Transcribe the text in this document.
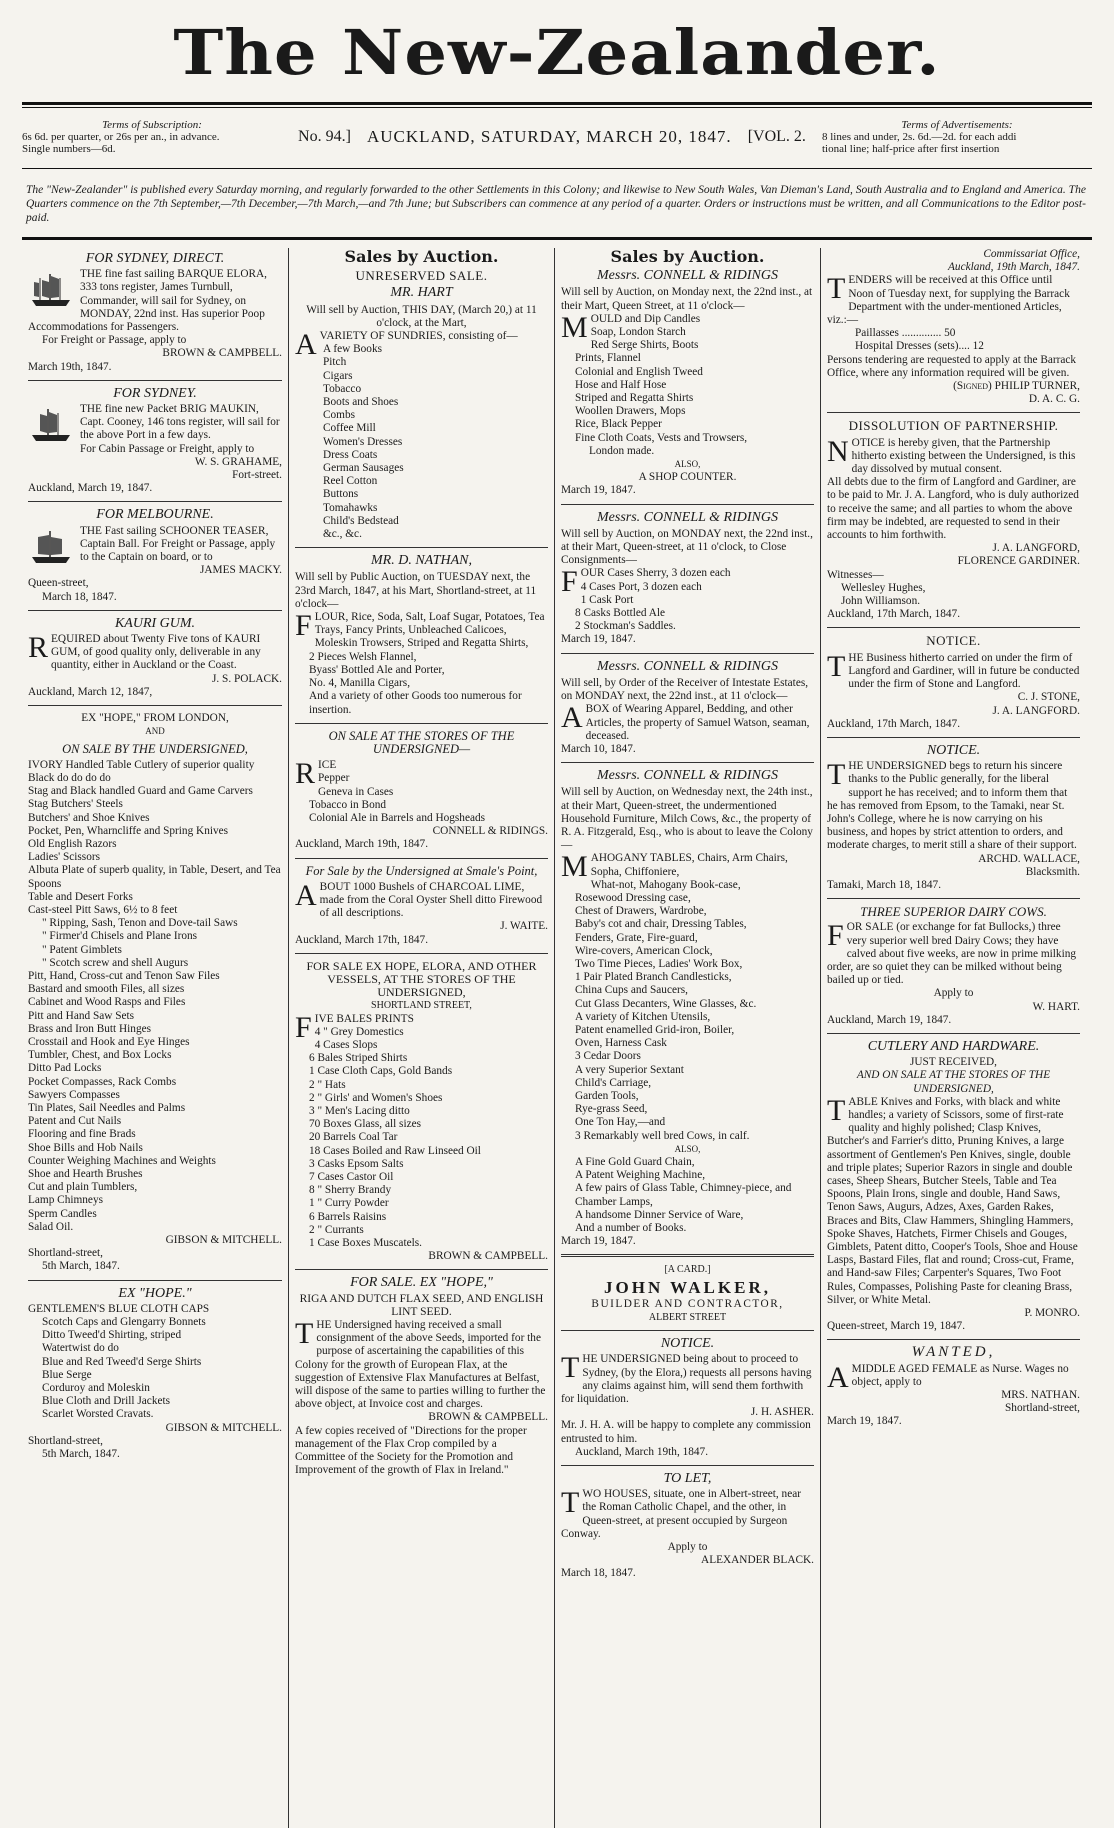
The New-Zealander.
Terms of Subscription:
6s 6d. per quarter, or 26s per an., in advance.
Single numbers—6d.
No. 94.] AUCKLAND, SATURDAY, MARCH 20, 1847. [VOL. 2.
Terms of Advertisements:
8 lines and under, 2s. 6d.—2d. for each addi
tional line; half-price after first insertion
The "New-Zealander" is published every Saturday morning, and regularly forwarded to the other Settlements in this Colony; and likewise to New South Wales, Van Dieman's Land, South Australia and to England and America. The Quarters commence on the 7th September,—7th December,—7th March,—and 7th June; but Subscribers can commence at any period of a quarter. Orders or instructions must be written, and all Communications to the Editor post-paid.
FOR SYDNEY, DIRECT.

THE fine fast sailing BARQUE ELORA, 333 tons register, James Turnbull, Commander, will sail for Sydney, on MONDAY, 22nd inst. Has superior Poop Accommodations for Passengers.

For Freight or Passage, apply to

BROWN & CAMPBELL.

March 19th, 1847.

FOR SYDNEY.

THE fine new Packet BRIG MAUKIN, Capt. Cooney, 146 tons register, will sail for the above Port in a few days.

For Cabin Passage or Freight, apply to

W. S. GRAHAME,

Fort-street.

Auckland, March 19, 1847.

FOR MELBOURNE.

THE Fast sailing SCHOONER TEASER, Captain Ball. For Freight or Passage, apply to the Captain on board, or to

JAMES MACKY.

Queen-street,

March 18, 1847.

KAURI GUM.

REQUIRED about Twenty Five tons of KAURI GUM, of good quality only, deliverable in any quantity, either in Auckland or the Coast.

J. S. POLACK.

Auckland, March 12, 1847,

EX "HOPE," FROM LONDON,
AND
ON SALE BY THE UNDERSIGNED,

IVORY Handled Table Cutlery of superior quality

Black do do do do

Stag and Black handled Guard and Game Carvers

Stag Butchers' Steels

Butchers' and Shoe Knives

Pocket, Pen, Wharncliffe and Spring Knives

Old English Razors

Ladies' Scissors

Albuta Plate of superb quality, in Table, Desert, and Tea Spoons

Table and Desert Forks

Cast-steel Pitt Saws, 6½ to 8 feet

" Ripping, Sash, Tenon and Dove-tail Saws

" Firmer'd Chisels and Plane Irons

" Patent Gimblets

" Scotch screw and shell Augurs

Pitt, Hand, Cross-cut and Tenon Saw Files

Bastard and smooth Files, all sizes

Cabinet and Wood Rasps and Files

Pitt and Hand Saw Sets

Brass and Iron Butt Hinges

Crosstail and Hook and Eye Hinges

Tumbler, Chest, and Box Locks

Ditto Pad Locks

Pocket Compasses, Rack Combs

Sawyers Compasses

Tin Plates, Sail Needles and Palms

Patent and Cut Nails

Flooring and fine Brads

Shoe Bills and Hob Nails

Counter Weighing Machines and Weights

Shoe and Hearth Brushes

Cut and plain Tumblers,

Lamp Chimneys

Sperm Candles

Salad Oil.

GIBSON & MITCHELL.

Shortland-street,

5th March, 1847.

EX "HOPE."

GENTLEMEN'S BLUE CLOTH CAPS

Scotch Caps and Glengarry Bonnets

Ditto Tweed'd Shirting, striped

Watertwist do do

Blue and Red Tweed'd Serge Shirts

Blue Serge

Corduroy and Moleskin

Blue Cloth and Drill Jackets

Scarlet Worsted Cravats.

GIBSON & MITCHELL.

Shortland-street,

5th March, 1847.

Sales by Auction.
UNRESERVED SALE.
MR. HART

Will sell by Auction, THIS DAY, (March 20,) at 11 o'clock, at the Mart,

AVARIETY OF SUNDRIES, consisting of—

A few Books

Pitch

Cigars

Tobacco

Boots and Shoes

Combs

Coffee Mill

Women's Dresses

Dress Coats

German Sausages

Reel Cotton

Buttons

Tomahawks

Child's Bedstead

&c., &c.

MR. D. NATHAN,

Will sell by Public Auction, on TUESDAY next, the 23rd March, 1847, at his Mart, Shortland-street, at 11 o'clock—

FLOUR, Rice, Soda, Salt, Loaf Sugar, Potatoes, Tea Trays, Fancy Prints, Unbleached Calicoes, Moleskin Trowsers, Striped and Regatta Shirts,

2 Pieces Welsh Flannel,

Byass' Bottled Ale and Porter,

No. 4, Manilla Cigars,

And a variety of other Goods too numerous for insertion.

ON SALE AT THE STORES OF THE UNDERSIGNED—

RICE

Pepper

Geneva in Cases

Tobacco in Bond

Colonial Ale in Barrels and Hogsheads

CONNELL & RIDINGS.

Auckland, March 19th, 1847.

For Sale by the Undersigned at Smale's Point,

ABOUT 1000 Bushels of CHARCOAL LIME, made from the Coral Oyster Shell ditto Firewood of all descriptions.

J. WAITE.

Auckland, March 17th, 1847.

FOR SALE EX HOPE, ELORA, AND OTHER VESSELS, AT THE STORES OF THE UNDERSIGNED,
SHORTLAND STREET,

FIVE BALES PRINTS

4 " Grey Domestics

4 Cases Slops

6 Bales Striped Shirts

1 Case Cloth Caps, Gold Bands

2 " Hats

2 " Girls' and Women's Shoes

3 " Men's Lacing ditto

70 Boxes Glass, all sizes

20 Barrels Coal Tar

18 Cases Boiled and Raw Linseed Oil

3 Casks Epsom Salts

7 Cases Castor Oil

8 " Sherry Brandy

1 " Curry Powder

6 Barrels Raisins

2 " Currants

1 Case Boxes Muscatels.

BROWN & CAMPBELL.

FOR SALE. EX "HOPE,"
RIGA AND DUTCH FLAX SEED, AND ENGLISH LINT SEED.

THE Undersigned having received a small consignment of the above Seeds, imported for the purpose of ascertaining the capabilities of this Colony for the growth of European Flax, at the suggestion of Extensive Flax Manufactures at Belfast, will dispose of the same to parties willing to further the above object, at Invoice cost and charges.

BROWN & CAMPBELL.

A few copies received of "Directions for the proper management of the Flax Crop compiled by a Committee of the Society for the Promotion and Improvement of the growth of Flax in Ireland."

Sales by Auction.
Messrs. CONNELL & RIDINGS

Will sell by Auction, on Monday next, the 22nd inst., at their Mart, Queen Street, at 11 o'clock—

MOULD and Dip Candles

Soap, London Starch

Red Serge Shirts, Boots

Prints, Flannel

Colonial and English Tweed

Hose and Half Hose

Striped and Regatta Shirts

Woollen Drawers, Mops

Rice, Black Pepper

Fine Cloth Coats, Vests and Trowsers,

London made.

ALSO,

A SHOP COUNTER.

March 19, 1847.

Messrs. CONNELL & RIDINGS

Will sell by Auction, on MONDAY next, the 22nd inst., at their Mart, Queen-street, at 11 o'clock, to Close Consignments—

FOUR Cases Sherry, 3 dozen each

4 Cases Port, 3 dozen each

1 Cask Port

8 Casks Bottled Ale

2 Stockman's Saddles.

March 19, 1847.

Messrs. CONNELL & RIDINGS

Will sell, by Order of the Receiver of Intestate Estates, on MONDAY next, the 22nd inst., at 11 o'clock—

ABOX of Wearing Apparel, Bedding, and other Articles, the property of Samuel Watson, seaman, deceased.

March 10, 1847.

Messrs. CONNELL & RIDINGS

Will sell by Auction, on Wednesday next, the 24th inst., at their Mart, Queen-street, the undermentioned Household Furniture, Milch Cows, &c., the property of R. A. Fitzgerald, Esq., who is about to leave the Colony—

MAHOGANY TABLES, Chairs, Arm Chairs, Sopha, Chiffoniere,

What-not, Mahogany Book-case,

Rosewood Dressing case,

Chest of Drawers, Wardrobe,

Baby's cot and chair, Dressing Tables,

Fenders, Grate, Fire-guard,

Wire-covers, American Clock,

Two Time Pieces, Ladies' Work Box,

1 Pair Plated Branch Candlesticks,

China Cups and Saucers,

Cut Glass Decanters, Wine Glasses, &c.

A variety of Kitchen Utensils,

Patent enamelled Grid-iron, Boiler,

Oven, Harness Cask

3 Cedar Doors

A very Superior Sextant

Child's Carriage,

Garden Tools,

Rye-grass Seed,

One Ton Hay,—and

3 Remarkably well bred Cows, in calf.

ALSO,

A Fine Gold Guard Chain,

A Patent Weighing Machine,

A few pairs of Glass Table, Chimney-piece, and Chamber Lamps,

A handsome Dinner Service of Ware,

And a number of Books.

March 19, 1847.

[A CARD.]
JOHN WALKER,
BUILDER AND CONTRACTOR,
ALBERT STREET
NOTICE.

THE UNDERSIGNED being about to proceed to Sydney, (by the Elora,) requests all persons having any claims against him, will send them forthwith for liquidation.

J. H. ASHER.

Mr. J. H. A. will be happy to complete any commission entrusted to him.

Auckland, March 19th, 1847.

TO LET,

TWO HOUSES, situate, one in Albert-street, near the Roman Catholic Chapel, and the other, in Queen-street, at present occupied by Surgeon Conway.

Apply to

ALEXANDER BLACK.

March 18, 1847.

Commissariat Office,

Auckland, 19th March, 1847.

TENDERS will be received at this Office until Noon of Tuesday next, for supplying the Barrack Department with the under-mentioned Articles, viz.:—

Paillasses .............. 50

Hospital Dresses (sets).... 12

Persons tendering are requested to apply at the Barrack Office, where any information required will be given.

(Signed) PHILIP TURNER,

D. A. C. G.

DISSOLUTION OF PARTNERSHIP.

NOTICE is hereby given, that the Partnership hitherto existing between the Undersigned, is this day dissolved by mutual consent.

All debts due to the firm of Langford and Gardiner, are to be paid to Mr. J. A. Langford, who is duly authorized to receive the same; and all parties to whom the above firm may be indebted, are requested to send in their accounts to him forthwith.

J. A. LANGFORD,

FLORENCE GARDINER.

Witnesses—

Wellesley Hughes,

John Williamson.

Auckland, 17th March, 1847.

NOTICE.

THE Business hitherto carried on under the firm of Langford and Gardiner, will in future be conducted under the firm of Stone and Langford.

C. J. STONE,

J. A. LANGFORD.

Auckland, 17th March, 1847.

NOTICE.

THE UNDERSIGNED begs to return his sincere thanks to the Public generally, for the liberal support he has received; and to inform them that he has removed from Epsom, to the Tamaki, near St. John's College, where he is now carrying on his business, and hopes by strict attention to orders, and moderate charges, to merit still a share of their support.

ARCHD. WALLACE,

Blacksmith.

Tamaki, March 18, 1847.

THREE SUPERIOR DAIRY COWS.

FOR SALE (or exchange for fat Bullocks,) three very superior well bred Dairy Cows; they have calved about five weeks, are now in prime milking order, are so quiet they can be milked without being bailed up or tied.

Apply to

W. HART.

Auckland, March 19, 1847.

CUTLERY AND HARDWARE.
JUST RECEIVED,
AND ON SALE AT THE STORES OF THE UNDERSIGNED,

TABLE Knives and Forks, with black and white handles; a variety of Scissors, some of first-rate quality and highly polished; Clasp Knives, Butcher's and Farrier's ditto, Pruning Knives, a large assortment of Gentlemen's Pen Knives, single, double and triple plates; Superior Razors in single and double cases, Sheep Shears, Butcher Steels, Table and Tea Spoons, Plain Irons, single and double, Hand Saws, Tenon Saws, Augurs, Adzes, Axes, Garden Rakes, Braces and Bits, Claw Hammers, Shingling Hammers, Spoke Shaves, Hatchets, Firmer Chisels and Gouges, Gimblets, Patent ditto, Cooper's Tools, Shoe and House Lasps, Bastard Files, flat and round; Cross-cut, Frame, and Hand-saw Files; Carpenter's Squares, Two Foot Rules, Compasses, Polishing Paste for cleaning Brass, Silver, or White Metal.

P. MONRO.

Queen-street, March 19, 1847.

WANTED,

AMIDDLE AGED FEMALE as Nurse. Wages no object, apply to

MRS. NATHAN.

Shortland-street,

March 19, 1847.
